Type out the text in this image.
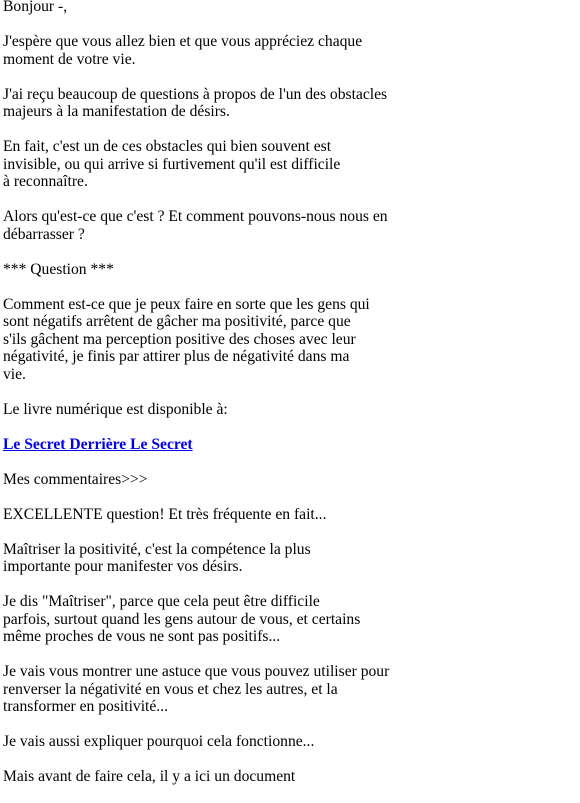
Bonjour -,

J'espère que vous allez bien et que vous appréciez chaque
moment de votre vie.

J'ai reçu beaucoup de questions à propos de l'un des obstacles
majeurs à la manifestation de désirs.

En fait, c'est un de ces obstacles qui bien souvent est
invisible, ou qui arrive si furtivement qu'il est difficile
à reconnaître.

Alors qu'est-ce que c'est ? Et comment pouvons-nous nous en
débarrasser ?

*** Question ***

Comment est-ce que je peux faire en sorte que les gens qui
sont négatifs arrêtent de gâcher ma positivité, parce que
s'ils gâchent ma perception positive des choses avec leur
négativité, je finis par attirer plus de négativité dans ma
vie.

Le livre numérique est disponible à:

Le Secret Derrière Le Secret

Mes commentaires>>>

EXCELLENTE question! Et très fréquente en fait...

Maîtriser la positivité, c'est la compétence la plus
importante pour manifester vos désirs.

Je dis "Maîtriser", parce que cela peut être difficile
parfois, surtout quand les gens autour de vous, et certains
même proches de vous ne sont pas positifs...

Je vais vous montrer une astuce que vous pouvez utiliser pour
renverser la négativité en vous et chez les autres, et la
transformer en positivité...

Je vais aussi expliquer pourquoi cela fonctionne...

Mais avant de faire cela, il y a ici un document
